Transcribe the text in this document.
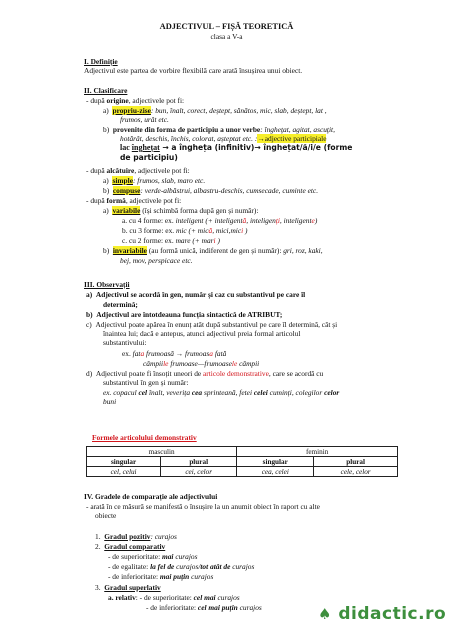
ADJECTIVUL – FIȘĂ TEORETICĂ
clasa a V-a
I. Definiție
Adjectivul este partea de vorbire flexibilă care arată însușirea unui obiect.
II. Clasificare
- după origine, adjectivele pot fi:
a) propriu-zise: bun, înalt, corect, deștept, sănătos, mic, slab, deștept, lat ,
frumos, urât etc.
b) provenite din forma de participiu a unor verbe: îngheţat, agitat, ascuţit,
hotărât, deschis, închis, colorat, așteptat etc. :→adjective participiale
lac înghețat → a îngheța (infinitiv)→ înghețat/ă/i/e (forme
de participiu)
- după alcătuire, adjectivele pot fi:
a) simple: frumos, slab, maro etc.
b) compuse: verde-albăstrui, albastru-deschis, cumsecade, cuminte etc.
- după formă, adjectivele pot fi:
a) variabile (își schimbă forma după gen și număr):
a. cu 4 forme: ex. inteligent (+ inteligentă, inteligenți, inteligente)
b. cu 3 forme: ex. mic (+ mică, mici,mici )
c. cu 2 forme: ex. mare (+ mari )
b) invariabile (au formă unică, indiferent de gen și număr): gri, roz, kaki,
bej, mov, perspicace etc.
III. Observații
a) Adjectivul se acordă în gen, număr și caz cu substantivul pe care îl
determină;
b) Adjectivul are întotdeauna funcția sintactică de ATRIBUT;
c) Adjectivul poate apărea în enunț atât după substantivul pe care îl determină, cât și
înaintea lui; dacă e antepus, atunci adjectivul preia formal articolul
substantivului:
ex. fata frumoasă → frumoasa fată
câmpiile frumoase—frumoasele câmpii
d) Adjectivul poate fi însoțit uneori de articole demonstrative, care se acordă cu
substantivul în gen și număr:
ex. copacul cel înalt, veverița cea sprinteană, fetei celei cuminți, colegilor celor
buni
Formele articolului demonstrativ
masculin		feminin	
singular	plural	singular	plural
cel, celui	cei, celor	cea, celei	cele, celor
IV. Gradele de comparație ale adjectivului
- arată în ce măsură se manifestă o însușire la un anumit obiect în raport cu alte
obiecte
1. Gradul pozitiv: curajos
2. Gradul comparativ
- de superioritate: mai curajos
- de egalitate: la fel de curajos/tot atât de curajos
- de inferioritate: mai puțin curajos
3. Gradul superlativ
a. relativ: - de superioritate: cel mai curajos
- de inferioritate: cel mai puțin curajos	♠ didactic.ro
